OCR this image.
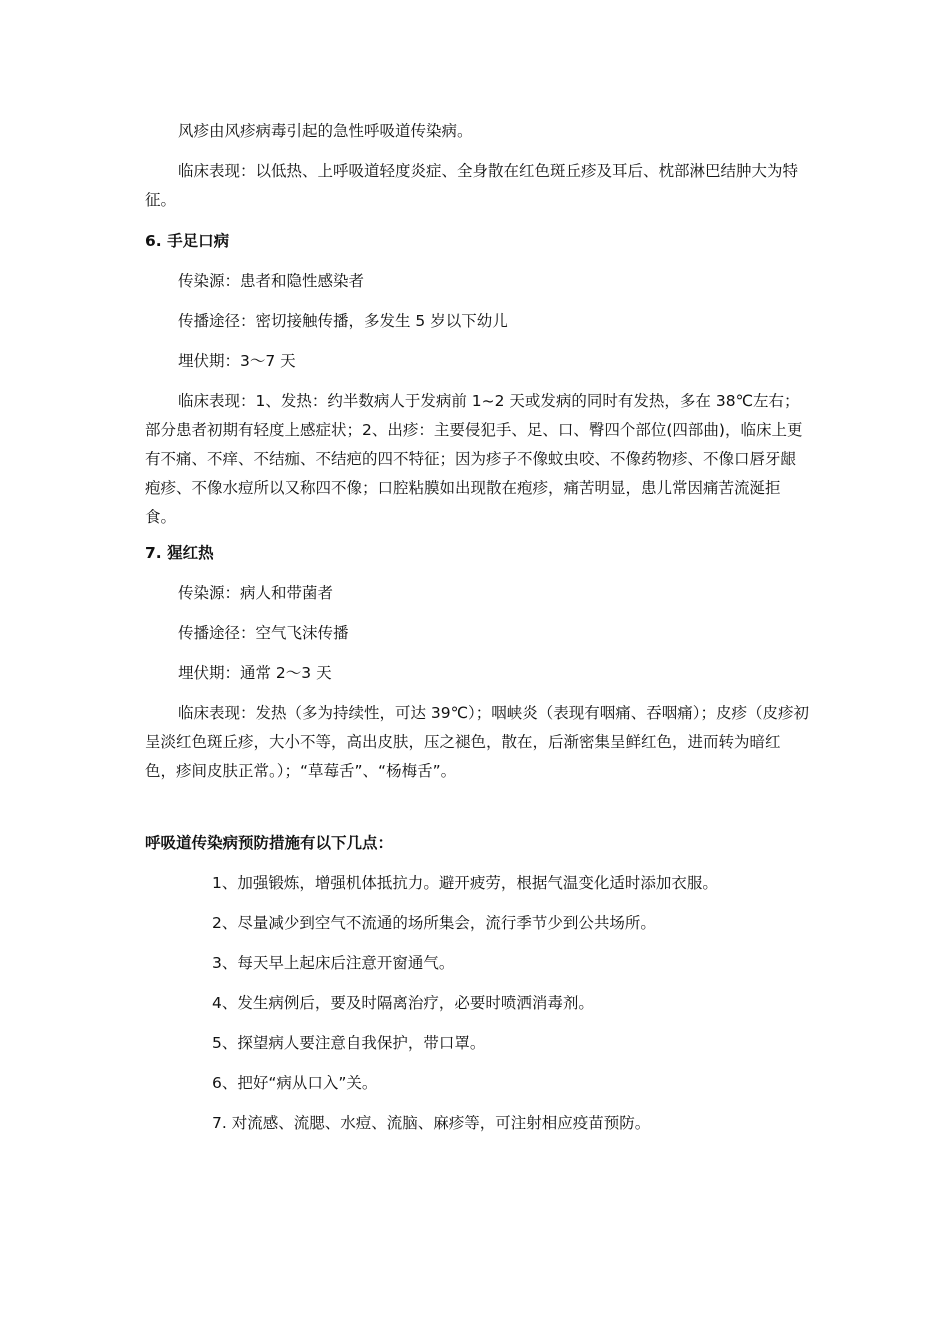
风疹由风疹病毒引起的急性呼吸道传染病。

临床表现：以低热、上呼吸道轻度炎症、全身散在红色斑丘疹及耳后、枕部淋巴结肿大为特征。

6. 手足口病

传染源：患者和隐性感染者

传播途径：密切接触传播，多发生 5 岁以下幼儿

埋伏期：3～7 天

临床表现：1、发热：约半数病人于发病前 1~2 天或发病的同时有发热，多在 38℃左右；部分患者初期有轻度上感症状；2、出疹：主要侵犯手、足、口、臀四个部位(四部曲)，临床上更有不痛、不痒、不结痂、不结疤的四不特征；因为疹子不像蚊虫咬、不像药物疹、不像口唇牙龈疱疹、不像水痘所以又称四不像；口腔粘膜如出现散在疱疹，痛苦明显，患儿常因痛苦流涎拒食。

7. 猩红热

传染源：病人和带菌者

传播途径：空气飞沫传播

埋伏期：通常 2～3 天

临床表现：发热（多为持续性，可达 39℃）；咽峡炎（表现有咽痛、吞咽痛）；皮疹（皮疹初呈淡红色斑丘疹，大小不等，高出皮肤，压之褪色，散在，后渐密集呈鲜红色，进而转为暗红色，疹间皮肤正常。）；“草莓舌”、“杨梅舌”。

呼吸道传染病预防措施有以下几点：

1、加强锻炼，增强机体抵抗力。避开疲劳，根据气温变化适时添加衣服。

2、尽量减少到空气不流通的场所集会，流行季节少到公共场所。

3、每天早上起床后注意开窗通气。

4、发生病例后，要及时隔离治疗，必要时喷洒消毒剂。

5、探望病人要注意自我保护，带口罩。

6、把好“病从口入”关。

7. 对流感、流腮、水痘、流脑、麻疹等，可注射相应疫苗预防。
